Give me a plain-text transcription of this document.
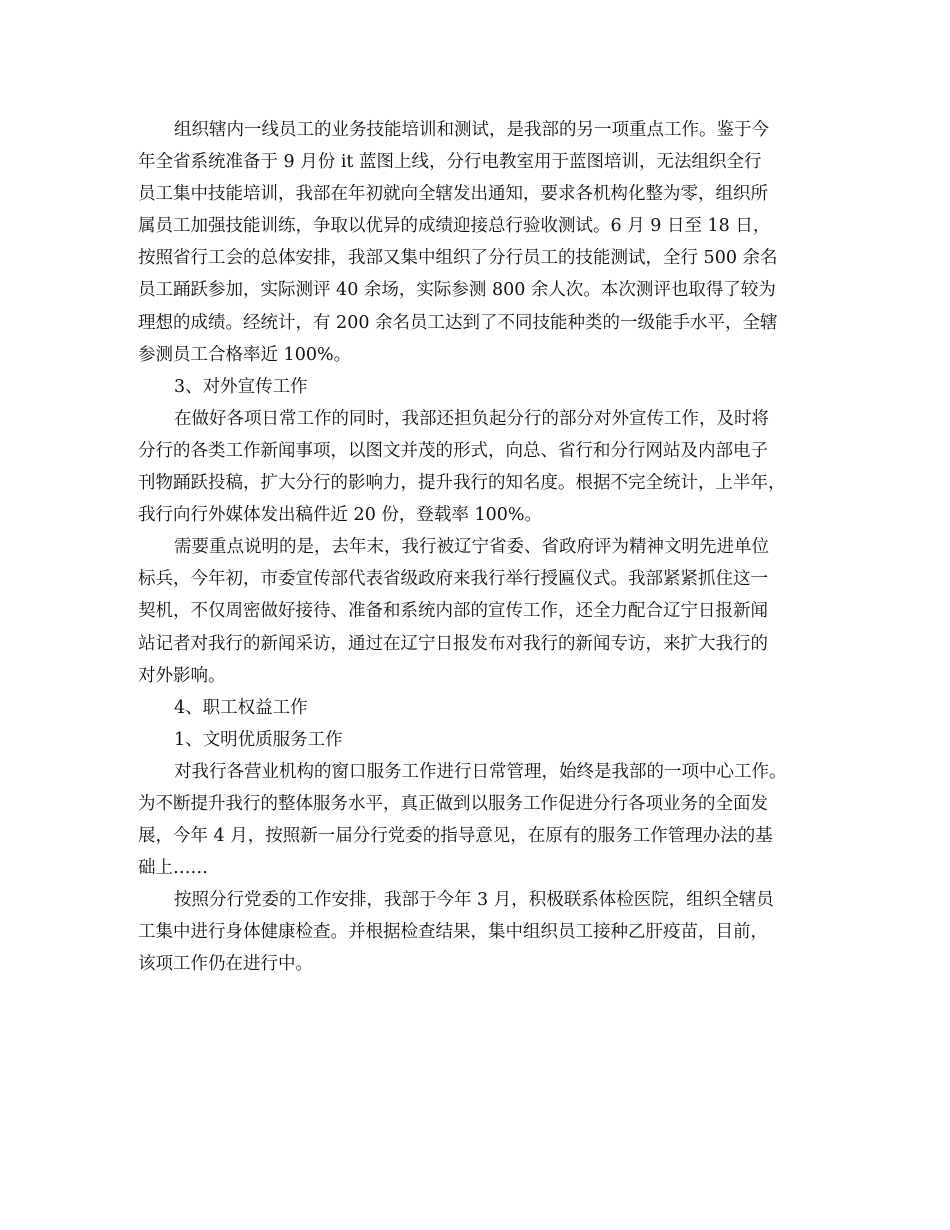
组织辖内一线员工的业务技能培训和测试，是我部的另一项重点工作。鉴于今

年全省系统准备于 9 月份 it 蓝图上线，分行电教室用于蓝图培训，无法组织全行

员工集中技能培训，我部在年初就向全辖发出通知，要求各机构化整为零，组织所

属员工加强技能训练，争取以优异的成绩迎接总行验收测试。6 月 9 日至 18 日，

按照省行工会的总体安排，我部又集中组织了分行员工的技能测试，全行 500 余名

员工踊跃参加，实际测评 40 余场，实际参测 800 余人次。本次测评也取得了较为

理想的成绩。经统计，有 200 余名员工达到了不同技能种类的一级能手水平，全辖

参测员工合格率近 100%。

3、对外宣传工作

在做好各项日常工作的同时，我部还担负起分行的部分对外宣传工作，及时将

分行的各类工作新闻事项，以图文并茂的形式，向总、省行和分行网站及内部电子

刊物踊跃投稿，扩大分行的影响力，提升我行的知名度。根据不完全统计，上半年，

我行向行外媒体发出稿件近 20 份，登载率 100%。

需要重点说明的是，去年末，我行被辽宁省委、省政府评为精神文明先进单位

标兵，今年初，市委宣传部代表省级政府来我行举行授匾仪式。我部紧紧抓住这一

契机，不仅周密做好接待、准备和系统内部的宣传工作，还全力配合辽宁日报新闻

站记者对我行的新闻采访，通过在辽宁日报发布对我行的新闻专访，来扩大我行的

对外影响。

4、职工权益工作

1、文明优质服务工作

对我行各营业机构的窗口服务工作进行日常管理，始终是我部的一项中心工作。

为不断提升我行的整体服务水平，真正做到以服务工作促进分行各项业务的全面发

展，今年 4 月，按照新一届分行党委的指导意见，在原有的服务工作管理办法的基

础上……

按照分行党委的工作安排，我部于今年 3 月，积极联系体检医院，组织全辖员

工集中进行身体健康检查。并根据检查结果，集中组织员工接种乙肝疫苗，目前，

该项工作仍在进行中。
